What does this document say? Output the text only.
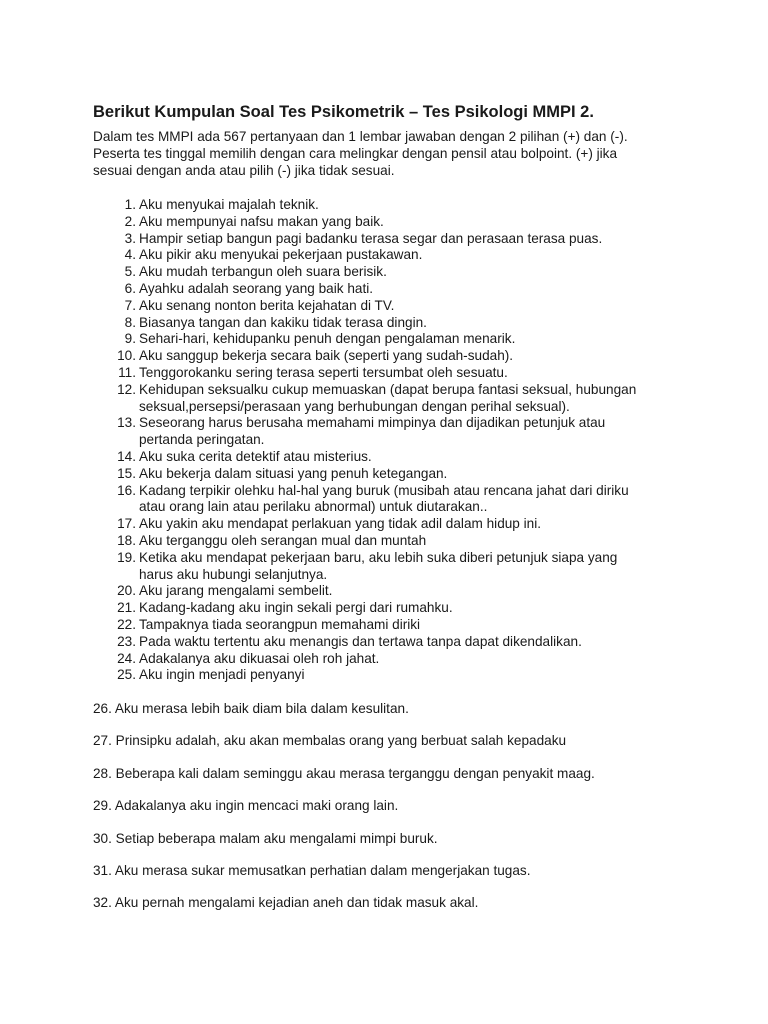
Berikut Kumpulan Soal Tes Psikometrik – Tes Psikologi MMPI 2.

Dalam tes MMPI ada 567 pertanyaan dan 1 lembar jawaban dengan 2 pilihan (+) dan (-).
Peserta tes tinggal memilih dengan cara melingkar dengan pensil atau bolpoint. (+) jika
sesuai dengan anda atau pilih (-) jika tidak sesuai.

1. Aku menyukai majalah teknik.
2. Aku mempunyai nafsu makan yang baik.
3. Hampir setiap bangun pagi badanku terasa segar dan perasaan terasa puas.
4. Aku pikir aku menyukai pekerjaan pustakawan.
5. Aku mudah terbangun oleh suara berisik.
6. Ayahku adalah seorang yang baik hati.
7. Aku senang nonton berita kejahatan di TV.
8. Biasanya tangan dan kakiku tidak terasa dingin.
9. Sehari-hari, kehidupanku penuh dengan pengalaman menarik.
10. Aku sanggup bekerja secara baik (seperti yang sudah-sudah).
11. Tenggorokanku sering terasa seperti tersumbat oleh sesuatu.
12. Kehidupan seksualku cukup memuaskan (dapat berupa fantasi seksual, hubungan
seksual,persepsi/perasaan yang berhubungan dengan perihal seksual).
13. Seseorang harus berusaha memahami mimpinya dan dijadikan petunjuk atau
pertanda peringatan.
14. Aku suka cerita detektif atau misterius.
15. Aku bekerja dalam situasi yang penuh ketegangan.
16. Kadang terpikir olehku hal-hal yang buruk (musibah atau rencana jahat dari diriku
atau orang lain atau perilaku abnormal) untuk diutarakan..
17. Aku yakin aku mendapat perlakuan yang tidak adil dalam hidup ini.
18. Aku terganggu oleh serangan mual dan muntah
19. Ketika aku mendapat pekerjaan baru, aku lebih suka diberi petunjuk siapa yang
harus aku hubungi selanjutnya.
20. Aku jarang mengalami sembelit.
21. Kadang-kadang aku ingin sekali pergi dari rumahku.
22. Tampaknya tiada seorangpun memahami diriki
23. Pada waktu tertentu aku menangis dan tertawa tanpa dapat dikendalikan.
24. Adakalanya aku dikuasai oleh roh jahat.
25. Aku ingin menjadi penyanyi
26. Aku merasa lebih baik diam bila dalam kesulitan.
27. Prinsipku adalah, aku akan membalas orang yang berbuat salah kepadaku
28. Beberapa kali dalam seminggu akau merasa terganggu dengan penyakit maag.
29. Adakalanya aku ingin mencaci maki orang lain.
30. Setiap beberapa malam aku mengalami mimpi buruk.
31. Aku merasa sukar memusatkan perhatian dalam mengerjakan tugas.
32. Aku pernah mengalami kejadian aneh dan tidak masuk akal.
